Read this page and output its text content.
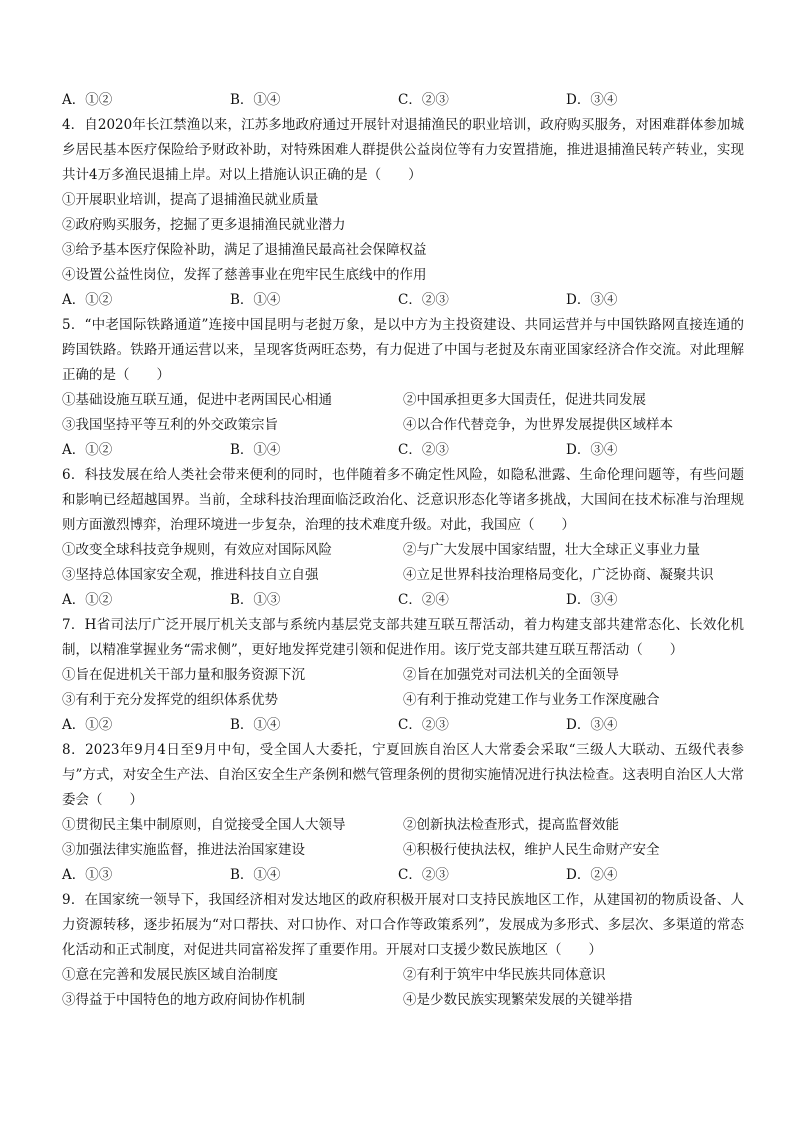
A．①②	B．①④	C．②③	D．③④

4．自2020年长江禁渔以来，江苏多地政府通过开展针对退捕渔民的职业培训，政府购买服务，对困难群体参加城乡居民基本医疗保险给予财政补助，对特殊困难人群提供公益岗位等有力安置措施，推进退捕渔民转产转业，实现共计4万多渔民退捕上岸。对以上措施认识正确的是（　　）

①开展职业培训，提高了退捕渔民就业质量

②政府购买服务，挖掘了更多退捕渔民就业潜力

③给予基本医疗保险补助，满足了退捕渔民最高社会保障权益

④设置公益性岗位，发挥了慈善事业在兜牢民生底线中的作用

A．①②	B．①④	C．②③	D．③④

5．“中老国际铁路通道”连接中国昆明与老挝万象，是以中方为主投资建设、共同运营并与中国铁路网直接连通的跨国铁路。铁路开通运营以来，呈现客货两旺态势，有力促进了中国与老挝及东南亚国家经济合作交流。对此理解正确的是（　　）

①基础设施互联互通，促进中老两国民心相通	②中国承担更多大国责任，促进共同发展
③我国坚持平等互利的外交政策宗旨	④以合作代替竞争，为世界发展提供区域样本
A．①②	B．①④	C．②③	D．③④

6．科技发展在给人类社会带来便利的同时，也伴随着多不确定性风险，如隐私泄露、生命伦理问题等，有些问题和影响已经超越国界。当前，全球科技治理面临泛政治化、泛意识形态化等诸多挑战，大国间在技术标准与治理规则方面激烈博弈，治理环境进一步复杂，治理的技术难度升级。对此，我国应（　　）

①改变全球科技竞争规则，有效应对国际风险	②与广大发展中国家结盟，壮大全球正义事业力量
③坚持总体国家安全观，推进科技自立自强	④立足世界科技治理格局变化，广泛协商、凝聚共识
A．①②	B．①③	C．②④	D．③④

7．H省司法厅广泛开展厅机关支部与系统内基层党支部共建互联互帮活动，着力构建支部共建常态化、长效化机制，以精准掌握业务“需求侧”，更好地发挥党建引领和促进作用。该厅党支部共建互联互帮活动（　　）

①旨在促进机关干部力量和服务资源下沉	②旨在加强党对司法机关的全面领导
③有利于充分发挥党的组织体系优势	④有利于推动党建工作与业务工作深度融合
A．①②	B．①④	C．②③	D．③④

8．2023年9月4日至9月中旬，受全国人大委托，宁夏回族自治区人大常委会采取“三级人大联动、五级代表参与”方式，对安全生产法、自治区安全生产条例和燃气管理条例的贯彻实施情况进行执法检查。这表明自治区人大常委会（　　）

①贯彻民主集中制原则，自觉接受全国人大领导	②创新执法检查形式，提高监督效能
③加强法律实施监督，推进法治国家建设	④积极行使执法权，维护人民生命财产安全
A．①③	B．①④	C．②③	D．②④

9．在国家统一领导下，我国经济相对发达地区的政府积极开展对口支持民族地区工作，从建国初的物质设备、人力资源转移，逐步拓展为“对口帮扶、对口协作、对口合作等政策系列”，发展成为多形式、多层次、多渠道的常态化活动和正式制度，对促进共同富裕发挥了重要作用。开展对口支援少数民族地区（　　）

①意在完善和发展民族区域自治制度	②有利于筑牢中华民族共同体意识
③得益于中国特色的地方政府间协作机制	④是少数民族实现繁荣发展的关键举措
